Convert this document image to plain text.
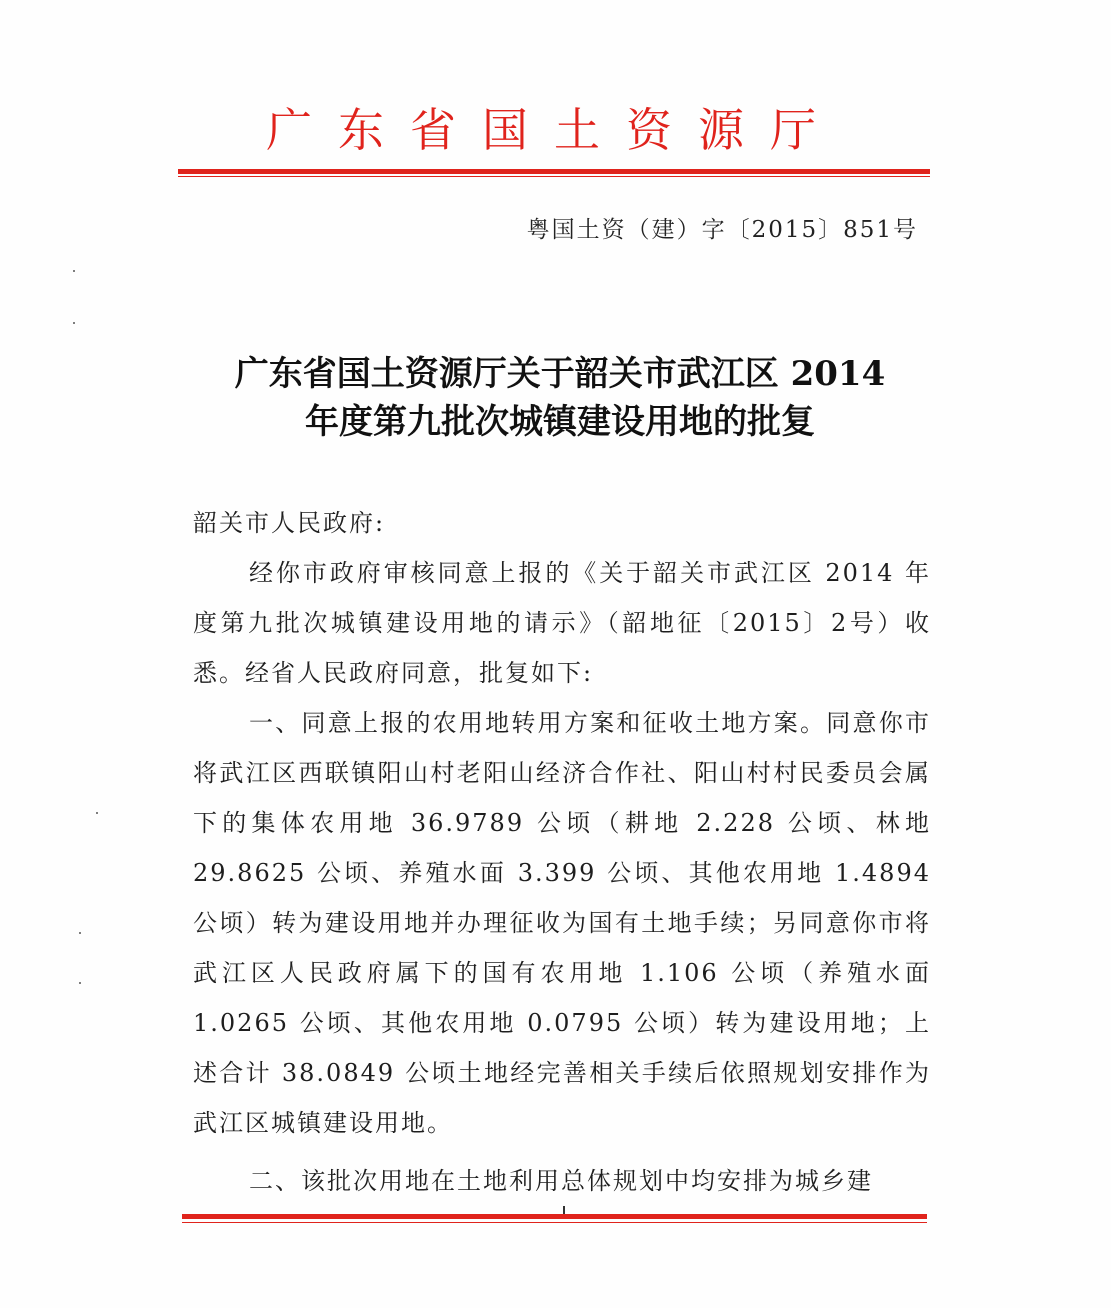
广东省国土资源厅
粤国土资（建）字〔2015〕851号
广东省国土资源厅关于韶关市武江区 2014
年度第九批次城镇建设用地的批复

韶关市人民政府:

经你市政府审核同意上报的《关于韶关市武江区 2014 年度第九批次城镇建设用地的请示》（韶地征〔2015〕2号）收悉。经省人民政府同意，批复如下:

一、同意上报的农用地转用方案和征收土地方案。同意你市将武江区西联镇阳山村老阳山经济合作社、阳山村村民委员会属下的集体农用地 36.9789 公顷（耕地 2.228 公顷、林地 29.8625 公顷、养殖水面 3.399 公顷、其他农用地 1.4894 公顷）转为建设用地并办理征收为国有土地手续；另同意你市将武江区人民政府属下的国有农用地 1.106 公顷（养殖水面 1.0265 公顷、其他农用地 0.0795 公顷）转为建设用地；上述合计 38.0849 公顷土地经完善相关手续后依照规划安排作为武江区城镇建设用地。

二、该批次用地在土地利用总体规划中均安排为城乡建
